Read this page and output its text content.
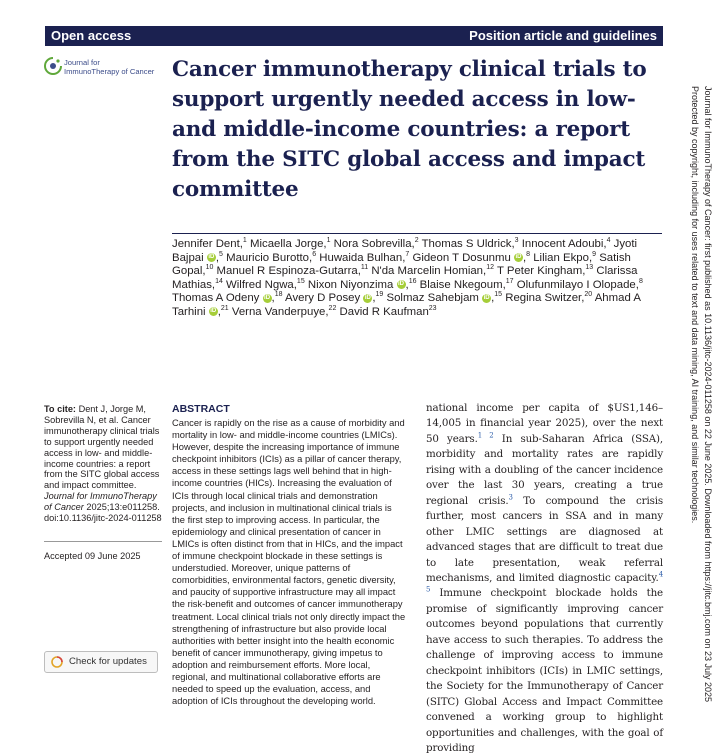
Open access	Position article and guidelines
Journal for
ImmunoTherapy of Cancer Cancer immunotherapy clinical trials to support urgently needed access in low- and middle-income countries: a report from the SITC global access and impact committee
Jennifer Dent,$^1$ Micaella Jorge,$^1$ Nora Sobrevilla,$^2$ Thomas S Uldrick,$^3$ Innocent Adoubi,$^4$ Jyoti Bajpai iD ,$^5$ Mauricio Burotto,$^6$ Huwaida Bulhan,$^7$ Gideon T Dosunmu iD ,$^8$ Lilian Ekpo,$^9$ Satish Gopal,$^{10}$ Manuel R Espinoza-Gutarra,$^{11}$ N'da Marcelin Homian,$^{12}$ T Peter Kingham,$^{13}$ Clarissa Mathias,$^{14}$ Wilfred Ngwa,$^{15}$ Nixon Niyonzima iD ,$^{16}$ Blaise Nkegoum,$^{17}$ Olufunmilayo I Olopade,$^8$ Thomas A Odeny iD ,$^{18}$ Avery D Posey iD ,$^{19}$ Solmaz Sahebjam iD ,$^{15}$ Regina Switzer,$^{20}$ Ahmad A Tarhini iD ,$^{21}$ Verna Vanderpuye,$^{22}$ David R Kaufman$^{23}$
To cite: Dent J, Jorge M, Sobrevilla N, et al. Cancer immunotherapy clinical trials to support urgently needed access in low- and middle-income countries: a report from the SITC global access and impact committee. Journal for ImmunoTherapy of Cancer 2025;13:e011258. doi:10.1136/jitc-2024-011258
Accepted 09 June 2025
Check for updates
ABSTRACT
Cancer is rapidly on the rise as a cause of morbidity and mortality in low- and middle-income countries (LMICs). However, despite the increasing importance of immune checkpoint inhibitors (ICIs) as a pillar of cancer therapy, access in these settings lags well behind that in high-income countries (HICs). Increasing the evaluation of ICIs through local clinical trials and demonstration projects, and inclusion in multinational clinical trials is the first step to improving access. In particular, the epidemiology and clinical presentation of cancer in LMICs is often distinct from that in HICs, and the impact of immune checkpoint blockade in these settings is understudied. Moreover, unique patterns of comorbidities, environmental factors, genetic diversity, and paucity of supportive infrastructure may all impact the risk-benefit and outcomes of cancer immunotherapy treatment. Local clinical trials not only directly impact the strengthening of infrastructure but also provide local authorities with better insight into the health economic benefit of cancer immunotherapy, giving impetus to adoption and reimbursement efforts. More local, regional, and multinational collaborative efforts are needed to speed up the evaluation, access, and adoption of ICIs throughout the developing world.
national income per capita of $US1,146–14,005 in financial year 2025), over the next 50 years.$^{1 2}$ In sub-Saharan Africa (SSA), morbidity and mortality rates are rapidly rising with a doubling of the cancer incidence over the last 30 years, creating a true regional crisis.$^3$ To compound the crisis further, most cancers in SSA and in many other LMIC settings are diagnosed at advanced stages that are difficult to treat due to late presentation, weak referral mechanisms, and limited diagnostic capacity.$^{4 5}$ Immune checkpoint blockade holds the promise of significantly improving cancer outcomes beyond populations that currently have access to such therapies. To address the challenge of improving access to immune checkpoint inhibitors (ICIs) in LMIC settings, the Society for the Immunotherapy of Cancer (SITC) Global Access and Impact Committee convened a working group to highlight opportunities and challenges, with the goal of providing
Journal for ImmunoTherapy of Cancer: first published as 10.1136/jitc-2024-011258 on 22 June 2025. Downloaded from https://jitc.bmj.com on 23 July 2025
Protected by copyright, including for uses related to text and data mining, AI training, and similar technologies.
